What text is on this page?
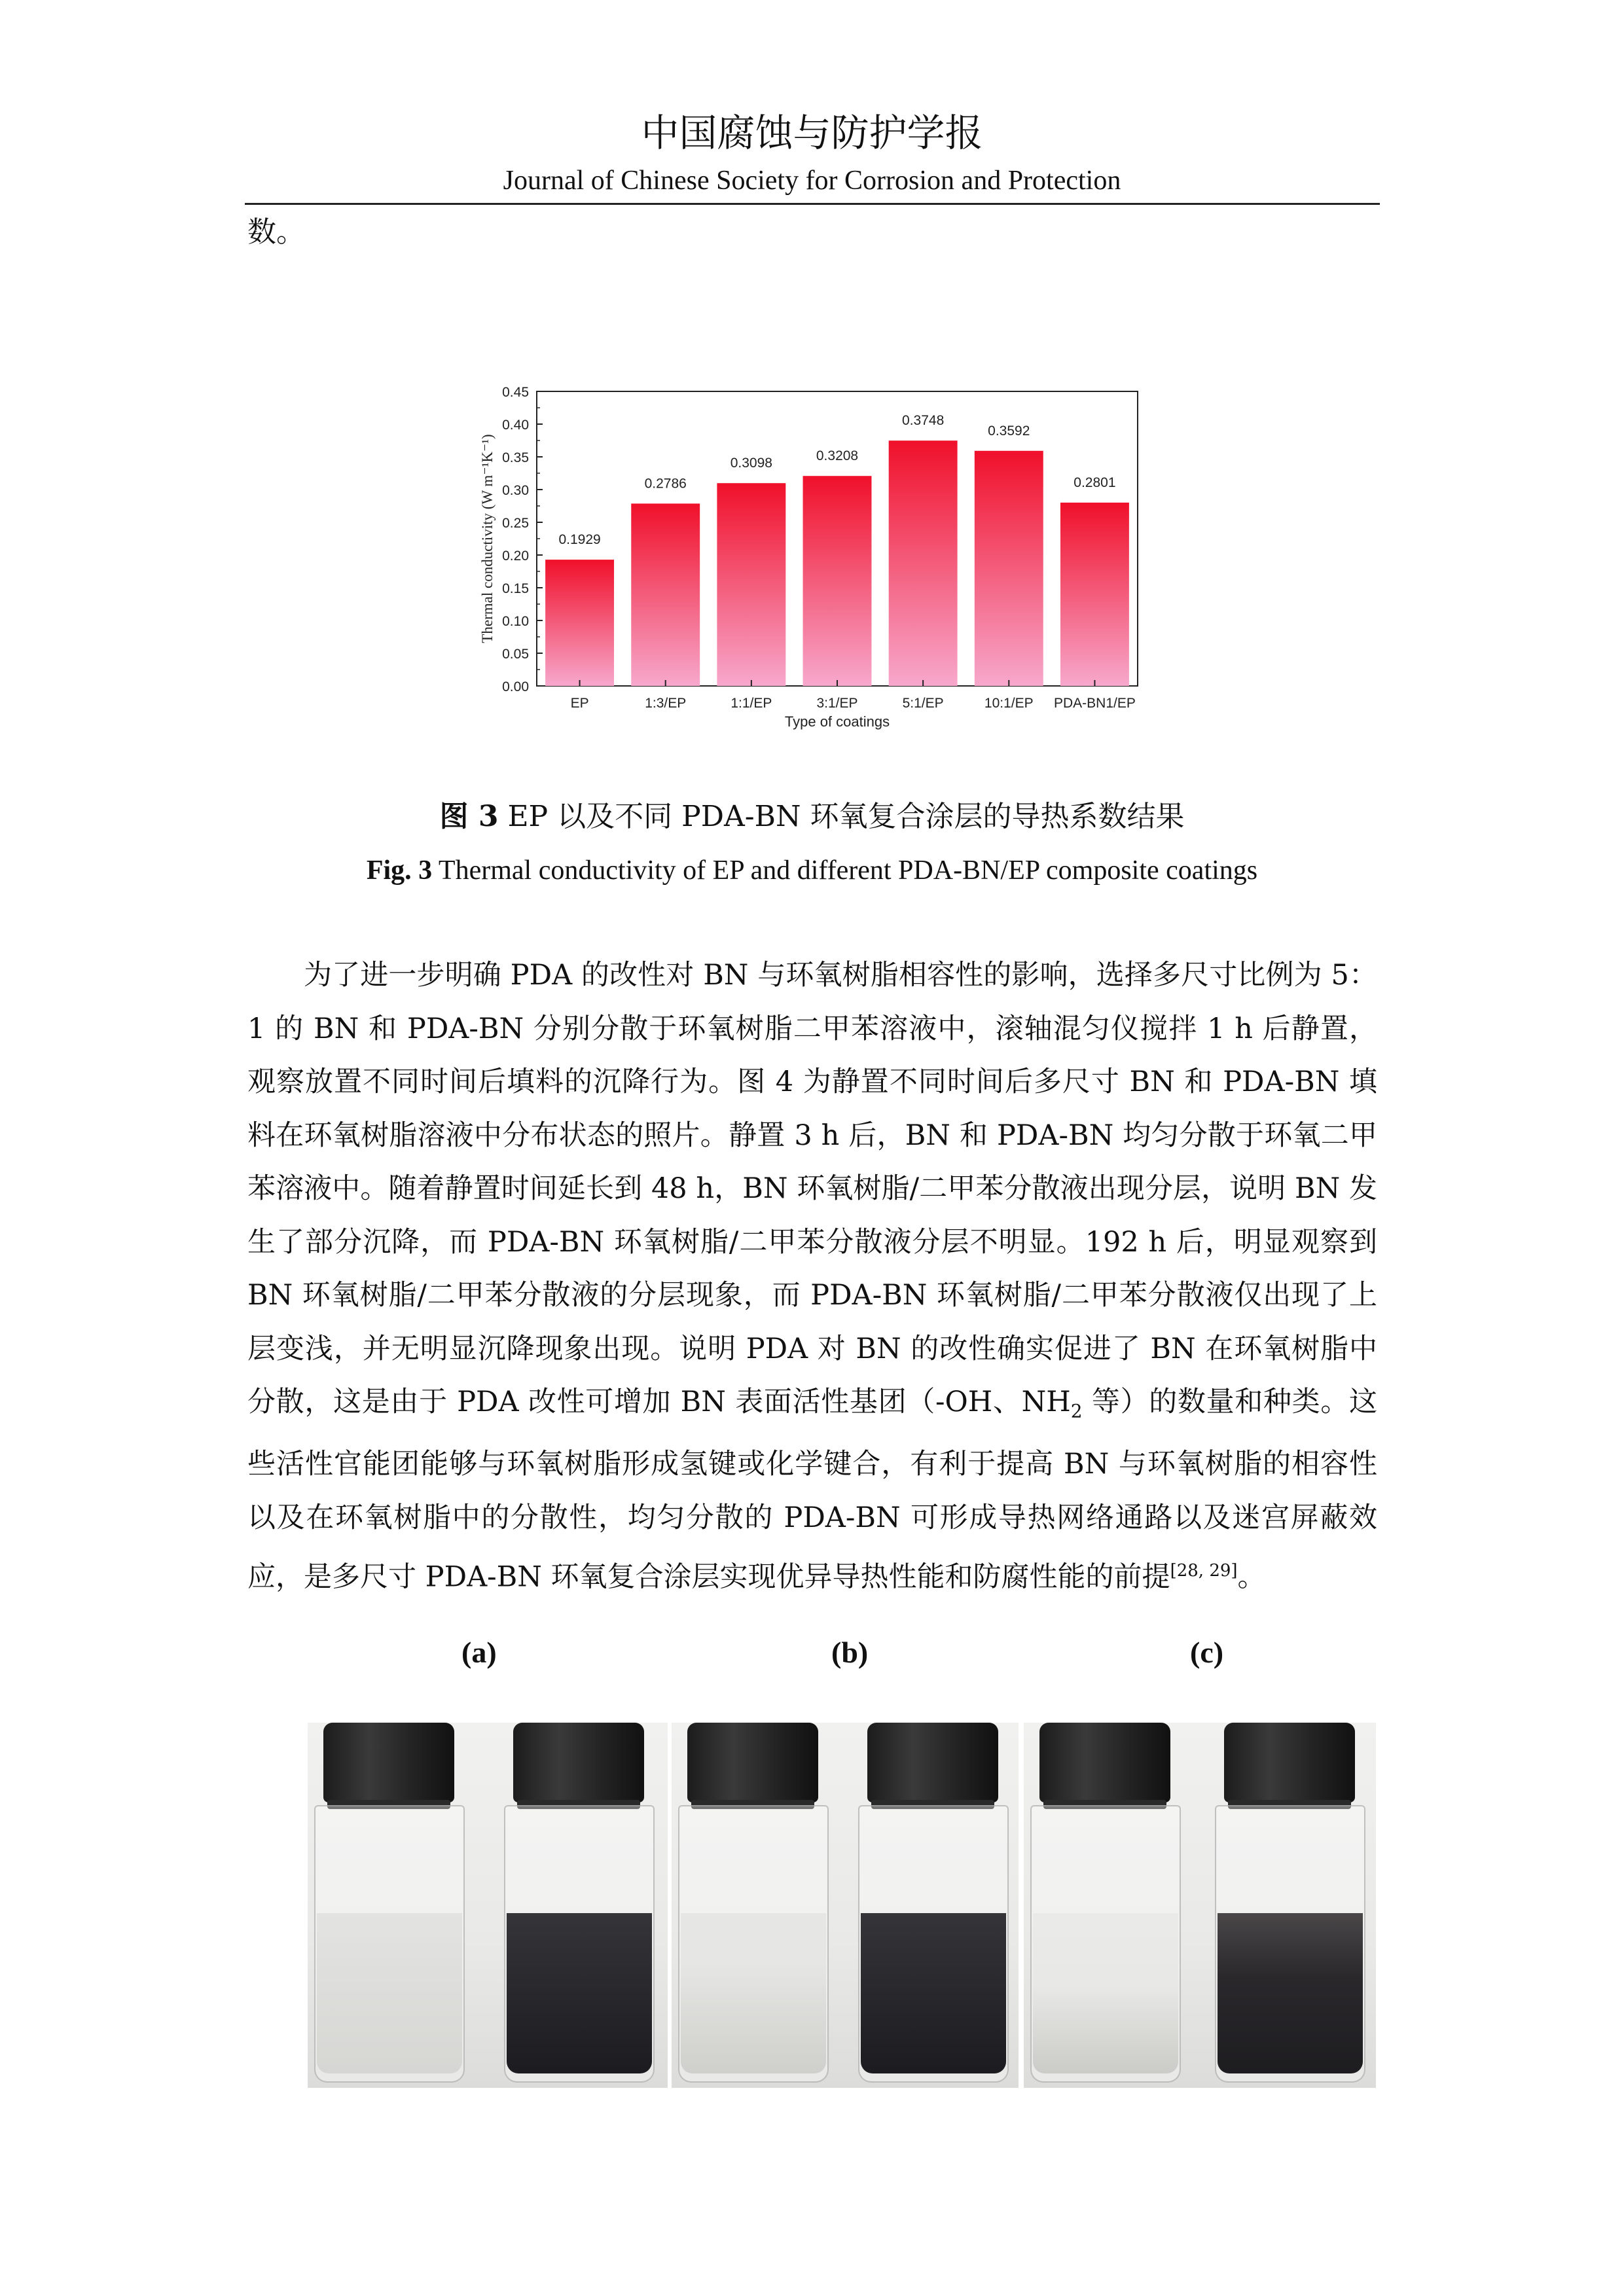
中国腐蚀与防护学报
Journal of Chinese Society for Corrosion and Protection
数。
0.00
0.05
0.10
0.15
0.20
0.25
0.30
0.35
0.40
0.45
0.1929
EP
0.2786
1:3/EP
0.3098
1:1/EP
0.3208
3:1/EP
0.3748
5:1/EP
0.3592
10:1/EP
0.2801
PDA-BN1/EP
Type of coatings
Thermal conductivity (W m⁻¹K⁻¹)
图 3 EP 以及不同 PDA-BN 环氧复合涂层的导热系数结果
Fig. 3 Thermal conductivity of EP and different PDA-BN/EP composite coatings

为了进一步明确 PDA 的改性对 BN 与环氧树脂相容性的影响，选择多尺寸比例为 5：1 的 BN 和 PDA-BN 分别分散于环氧树脂二甲苯溶液中，滚轴混匀仪搅拌 1 h 后静置，观察放置不同时间后填料的沉降行为。图 4 为静置不同时间后多尺寸 BN 和 PDA-BN 填料在环氧树脂溶液中分布状态的照片。静置 3 h 后，BN 和 PDA-BN 均匀分散于环氧二甲苯溶液中。随着静置时间延长到 48 h，BN 环氧树脂/二甲苯分散液出现分层，说明 BN 发生了部分沉降，而 PDA-BN 环氧树脂/二甲苯分散液分层不明显。192 h 后，明显观察到 BN 环氧树脂/二甲苯分散液的分层现象，而 PDA-BN 环氧树脂/二甲苯分散液仅出现了上层变浅，并无明显沉降现象出现。说明 PDA 对 BN 的改性确实促进了 BN 在环氧树脂中分散，这是由于 PDA 改性可增加 BN 表面活性基团（-OH、$NH_2$ 等）的数量和种类。这些活性官能团能够与环氧树脂形成氢键或化学键合，有利于提高 BN 与环氧树脂的相容性以及在环氧树脂中的分散性，均匀分散的 PDA-BN 可形成导热网络通路以及迷宫屏蔽效应，是多尺寸 PDA-BN 环氧复合涂层实现优异导热性能和防腐性能的前提[28, 29]。

(a)	(b)	(c)
